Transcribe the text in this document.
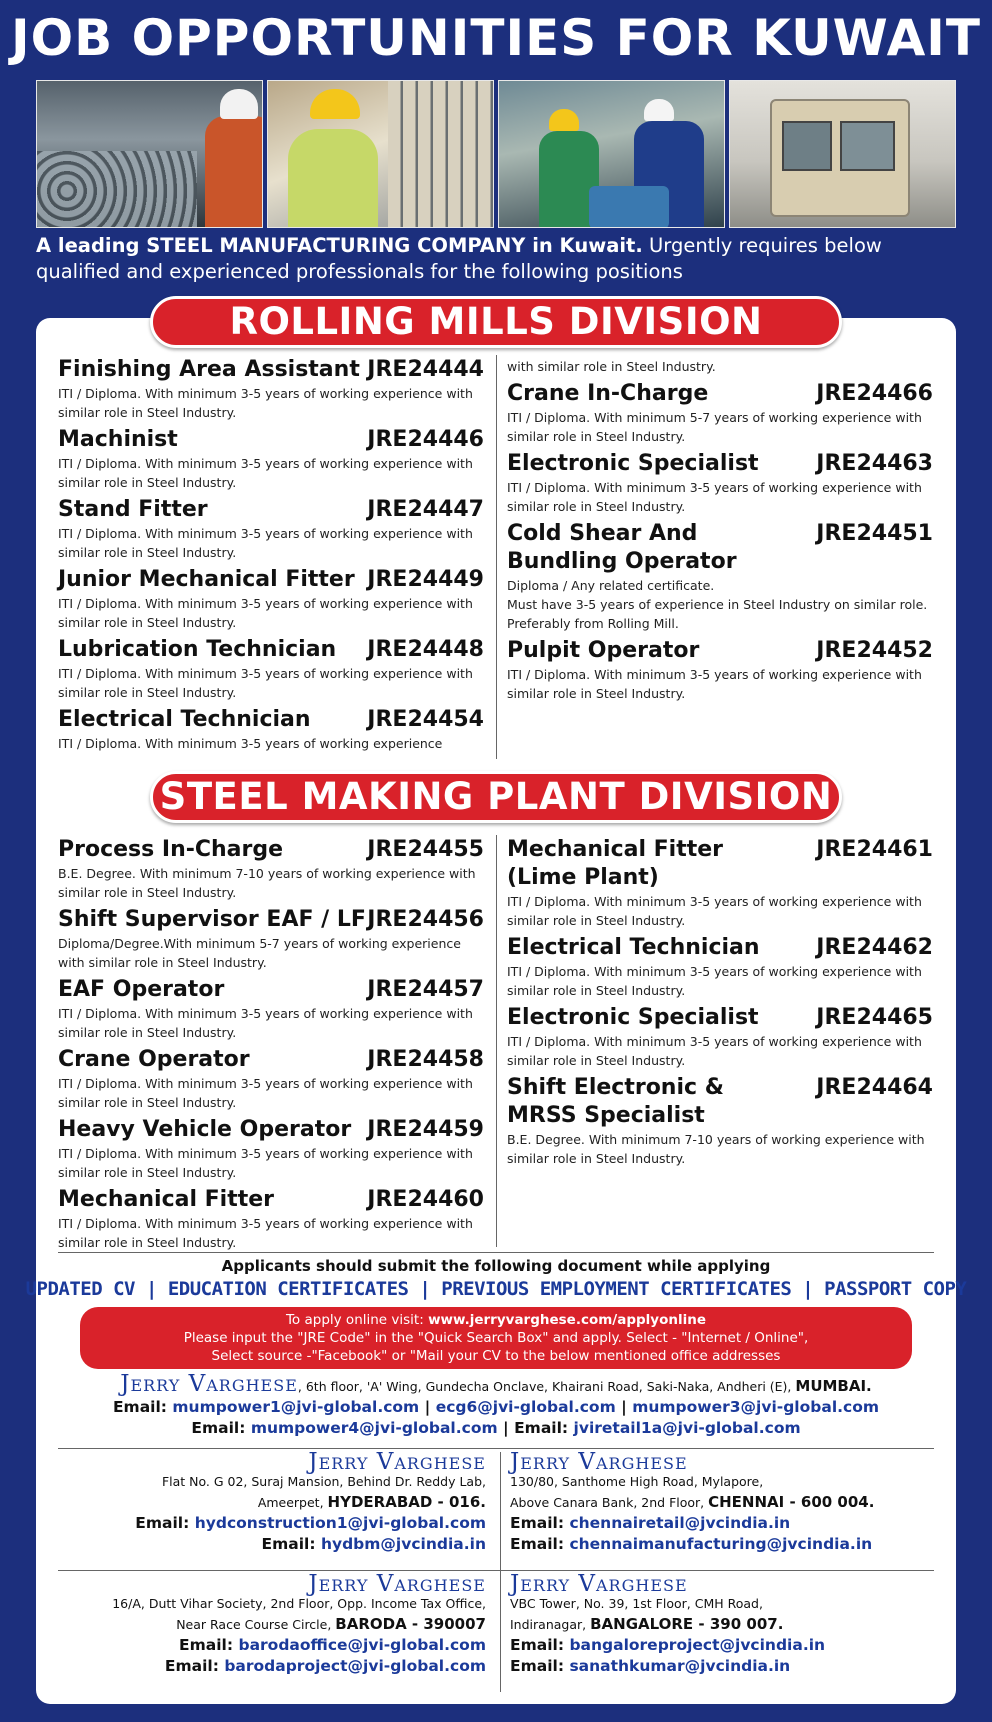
JOB OPPORTUNITIES FOR KUWAIT
A leading STEEL MANUFACTURING COMPANY in Kuwait. Urgently requires below qualified and experienced professionals for the following positions
ROLLING MILLS DIVISION
Finishing Area Assistant JRE24444
ITI / Diploma. With minimum 3-5 years of working experience with similar role in Steel Industry.
Machinist	JRE24446
ITI / Diploma. With minimum 3-5 years of working experience with similar role in Steel Industry.
Stand Fitter	JRE24447
ITI / Diploma. With minimum 3-5 years of working experience with similar role in Steel Industry.
Junior Mechanical Fitter JRE24449
ITI / Diploma. With minimum 3-5 years of working experience with similar role in Steel Industry.
Lubrication Technician JRE24448
ITI / Diploma. With minimum 3-5 years of working experience with similar role in Steel Industry.
Electrical Technician	JRE24454
ITI / Diploma. With minimum 3-5 years of working experience
with similar role in Steel Industry.
Crane In-Charge	JRE24466
ITI / Diploma. With minimum 5-7 years of working experience with similar role in Steel Industry.
Electronic Specialist	JRE24463
ITI / Diploma. With minimum 3-5 years of working experience with similar role in Steel Industry.
Cold Shear And
Bundling Operator
JRE24451
Diploma / Any related certificate.
Must have 3-5 years of experience in Steel Industry on similar role. Preferably from Rolling Mill.
Pulpit Operator	JRE24452
ITI / Diploma. With minimum 3-5 years of working experience with similar role in Steel Industry.
STEEL MAKING PLANT DIVISION
Process In-Charge	JRE24455
B.E. Degree. With minimum 7-10 years of working experience with similar role in Steel Industry.
Shift Supervisor EAF / LF JRE24456
Diploma/Degree.With minimum 5-7 years of working experience with similar role in Steel Industry.
EAF Operator	JRE24457
ITI / Diploma. With minimum 3-5 years of working experience with similar role in Steel Industry.
Crane Operator	JRE24458
ITI / Diploma. With minimum 3-5 years of working experience with similar role in Steel Industry.
Heavy Vehicle Operator JRE24459
ITI / Diploma. With minimum 3-5 years of working experience with similar role in Steel Industry.
Mechanical Fitter	JRE24460
ITI / Diploma. With minimum 3-5 years of working experience with similar role in Steel Industry.
Mechanical Fitter
(Lime Plant)
JRE24461
ITI / Diploma. With minimum 3-5 years of working experience with similar role in Steel Industry.
Electrical Technician	JRE24462
ITI / Diploma. With minimum 3-5 years of working experience with similar role in Steel Industry.
Electronic Specialist	JRE24465
ITI / Diploma. With minimum 3-5 years of working experience with similar role in Steel Industry.
Shift Electronic &
MRSS Specialist
JRE24464
B.E. Degree. With minimum 7-10 years of working experience with similar role in Steel Industry.
Applicants should submit the following document while applying
UPDATED CV | EDUCATION CERTIFICATES | PREVIOUS EMPLOYMENT CERTIFICATES | PASSPORT COPY
To apply online visit: www.jerryvarghese.com/applyonline
Please input the "JRE Code" in the "Quick Search Box" and apply. Select - "Internet / Online",
Select source -"Facebook" or "Mail your CV to the below mentioned office addresses
Jerry Varghese, 6th floor, 'A' Wing, Gundecha Onclave, Khairani Road, Saki-Naka, Andheri (E), MUMBAI.
Email: mumpower1@jvi-global.com | ecg6@jvi-global.com | mumpower3@jvi-global.com
Email: mumpower4@jvi-global.com | Email: jviretail1a@jvi-global.com
Jerry Varghese
Flat No. G 02, Suraj Mansion, Behind Dr. Reddy Lab,
Ameerpet, HYDERABAD - 016.
Email: hydconstruction1@jvi-global.com
Email: hydbm@jvcindia.in
Jerry Varghese
130/80, Santhome High Road, Mylapore,
Above Canara Bank, 2nd Floor, CHENNAI - 600 004.
Email: chennairetail@jvcindia.in
Email: chennaimanufacturing@jvcindia.in
Jerry Varghese
16/A, Dutt Vihar Society, 2nd Floor, Opp. Income Tax Office,
Near Race Course Circle, BARODA - 390007
Email: barodaoffice@jvi-global.com
Email: barodaproject@jvi-global.com
Jerry Varghese
VBC Tower, No. 39, 1st Floor, CMH Road,
Indiranagar, BANGALORE - 390 007.
Email: bangaloreproject@jvcindia.in
Email: sanathkumar@jvcindia.in
